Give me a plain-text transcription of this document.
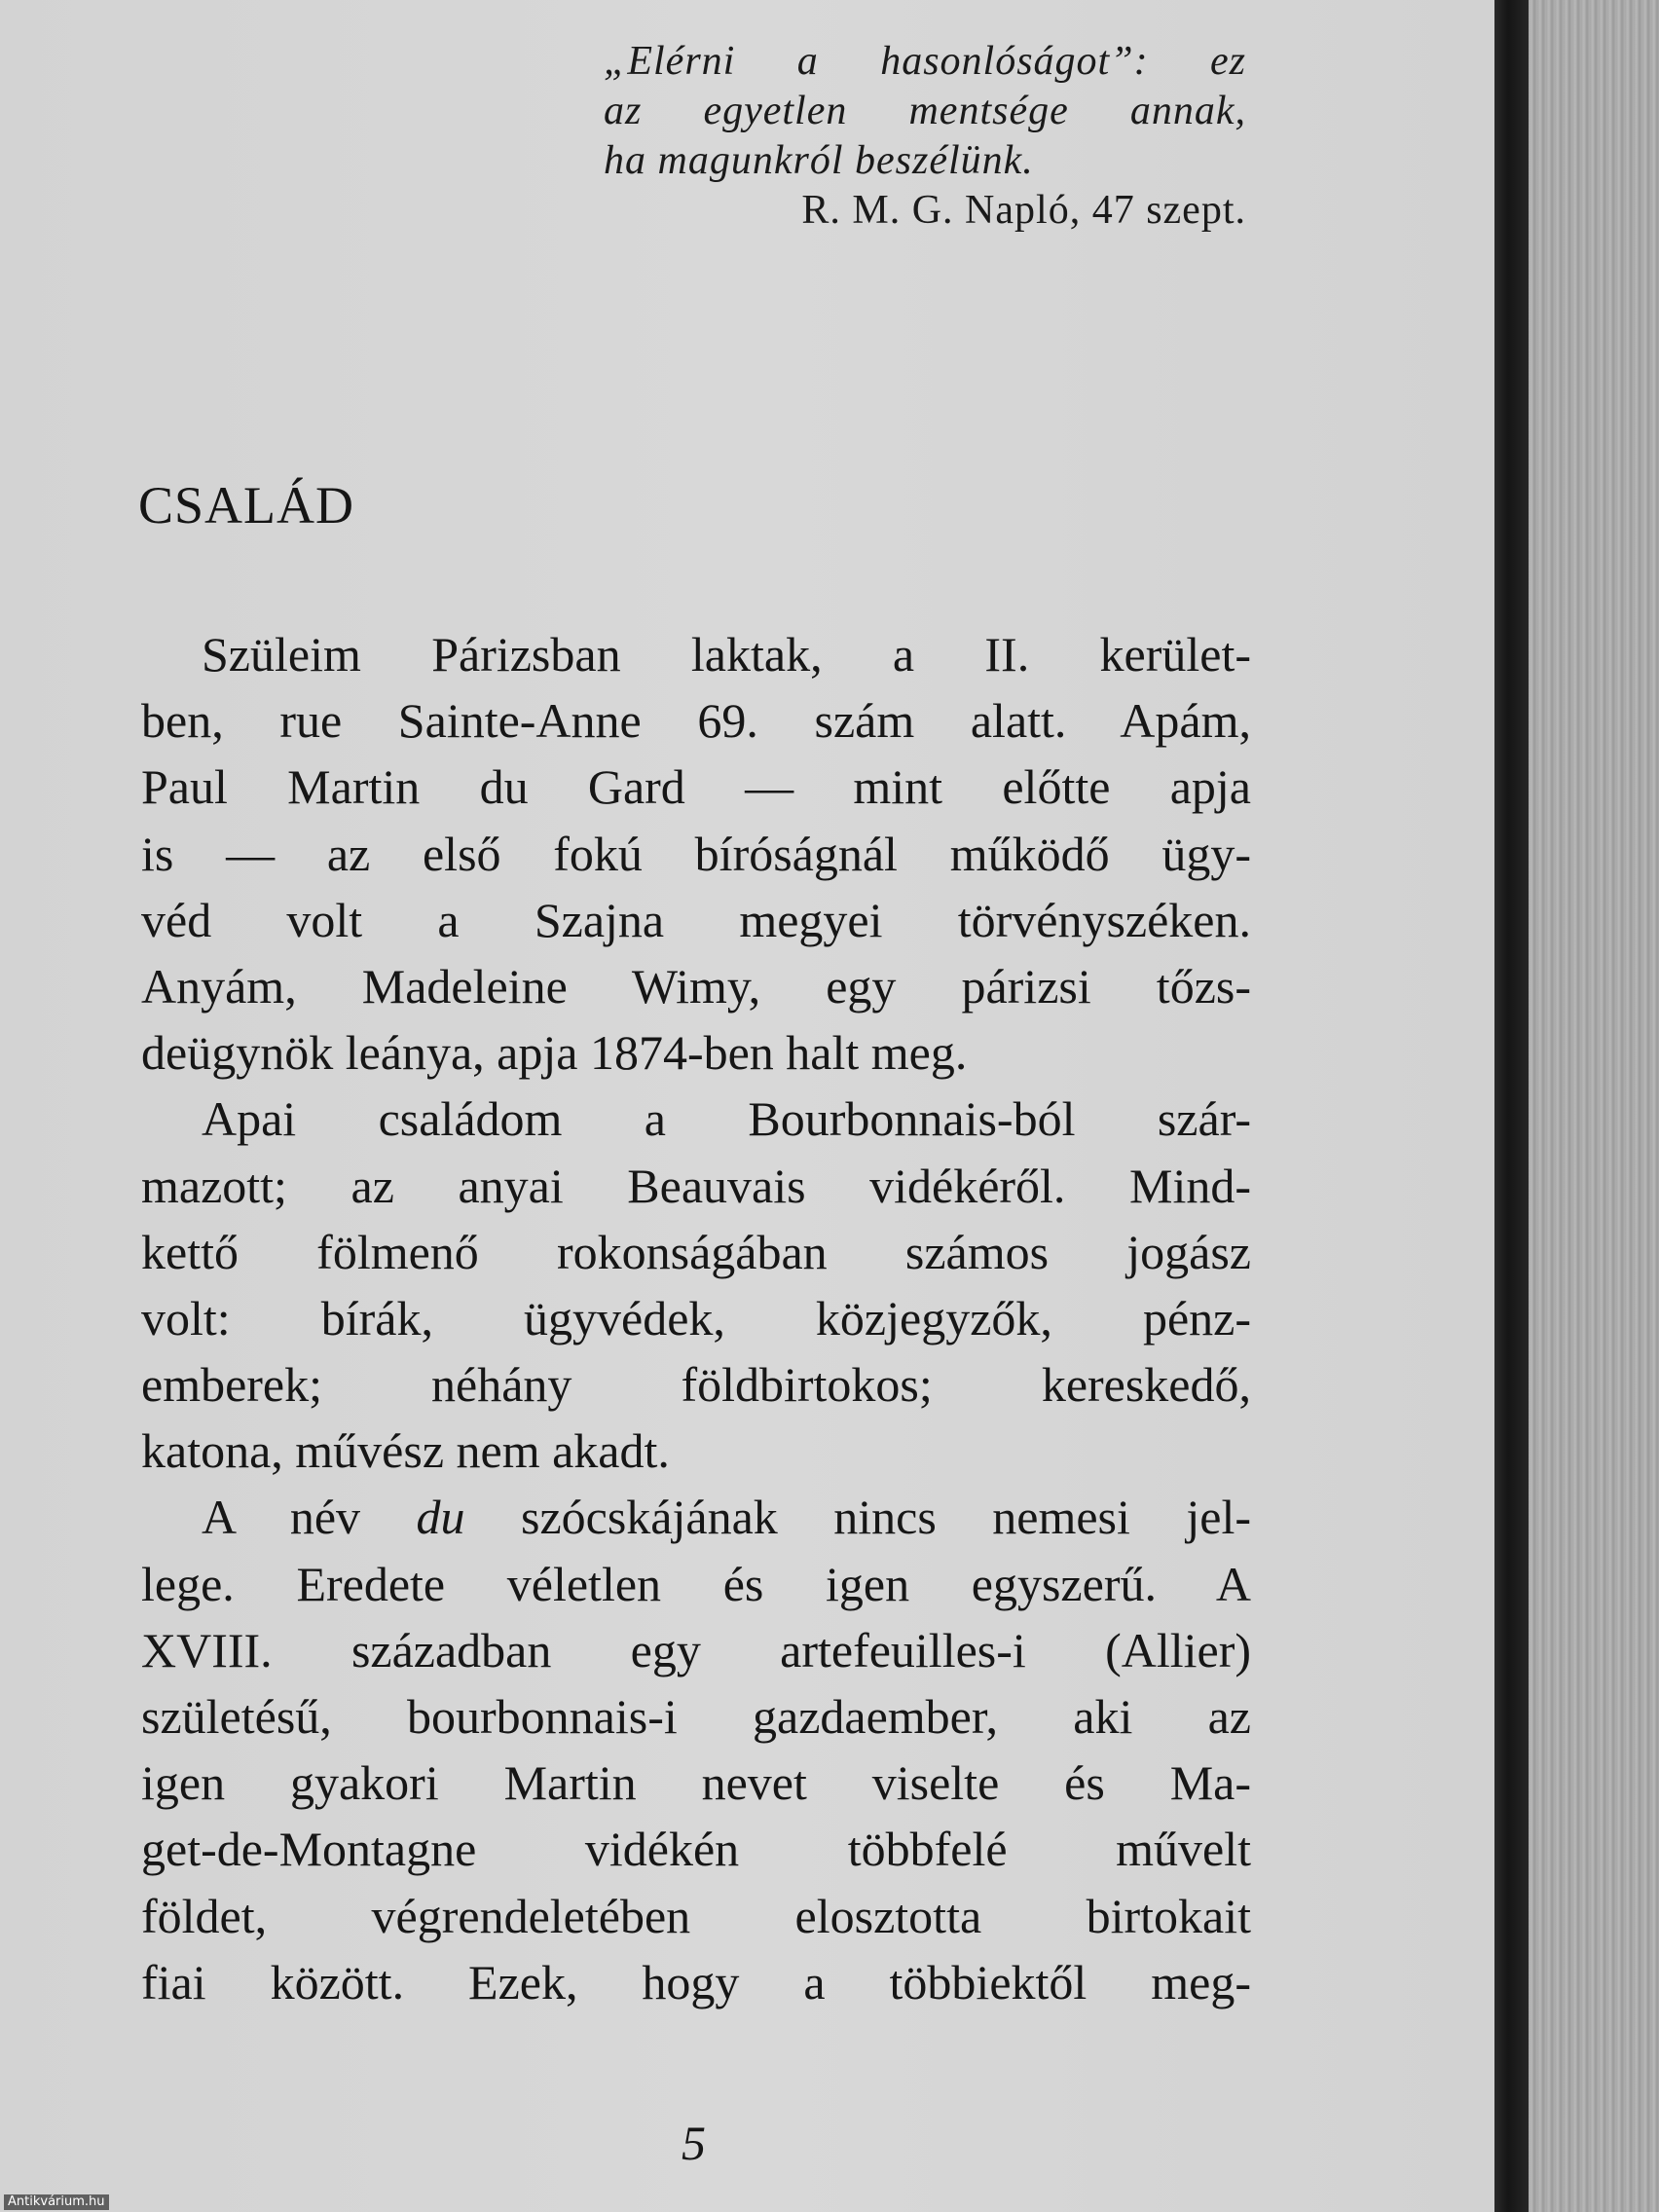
„Elérni a hasonlóságot”: ez
az egyetlen mentsége annak,
ha magunkról beszélünk.
R. M. G. Napló, 47 szept.
CSALÁD
Szüleim Párizsban laktak, a II. kerület-
ben, rue Sainte-Anne 69. szám alatt. Apám,
Paul Martin du Gard — mint előtte apja
is — az első fokú bíróságnál működő ügy-
véd volt a Szajna megyei törvényszéken.
Anyám, Madeleine Wimy, egy párizsi tőzs-
deügynök leánya, apja 1874-ben halt meg.
Apai családom a Bourbonnais-ból szár-
mazott; az anyai Beauvais vidékéről. Mind-
kettő fölmenő rokonságában számos jogász
volt: bírák, ügyvédek, közjegyzők, pénz-
emberek; néhány földbirtokos; kereskedő,
katona, művész nem akadt.
A név du szócskájának nincs nemesi jel-
lege. Eredete véletlen és igen egyszerű. A
XVIII. században egy artefeuilles-i (Allier)
születésű, bourbonnais-i gazdaember, aki az
igen gyakori Martin nevet viselte és Ma-
get-de-Montagne vidékén többfelé művelt
földet, végrendeletében elosztotta birtokait
fiai között. Ezek, hogy a többiektől meg-
5
Antikvárium.hu
